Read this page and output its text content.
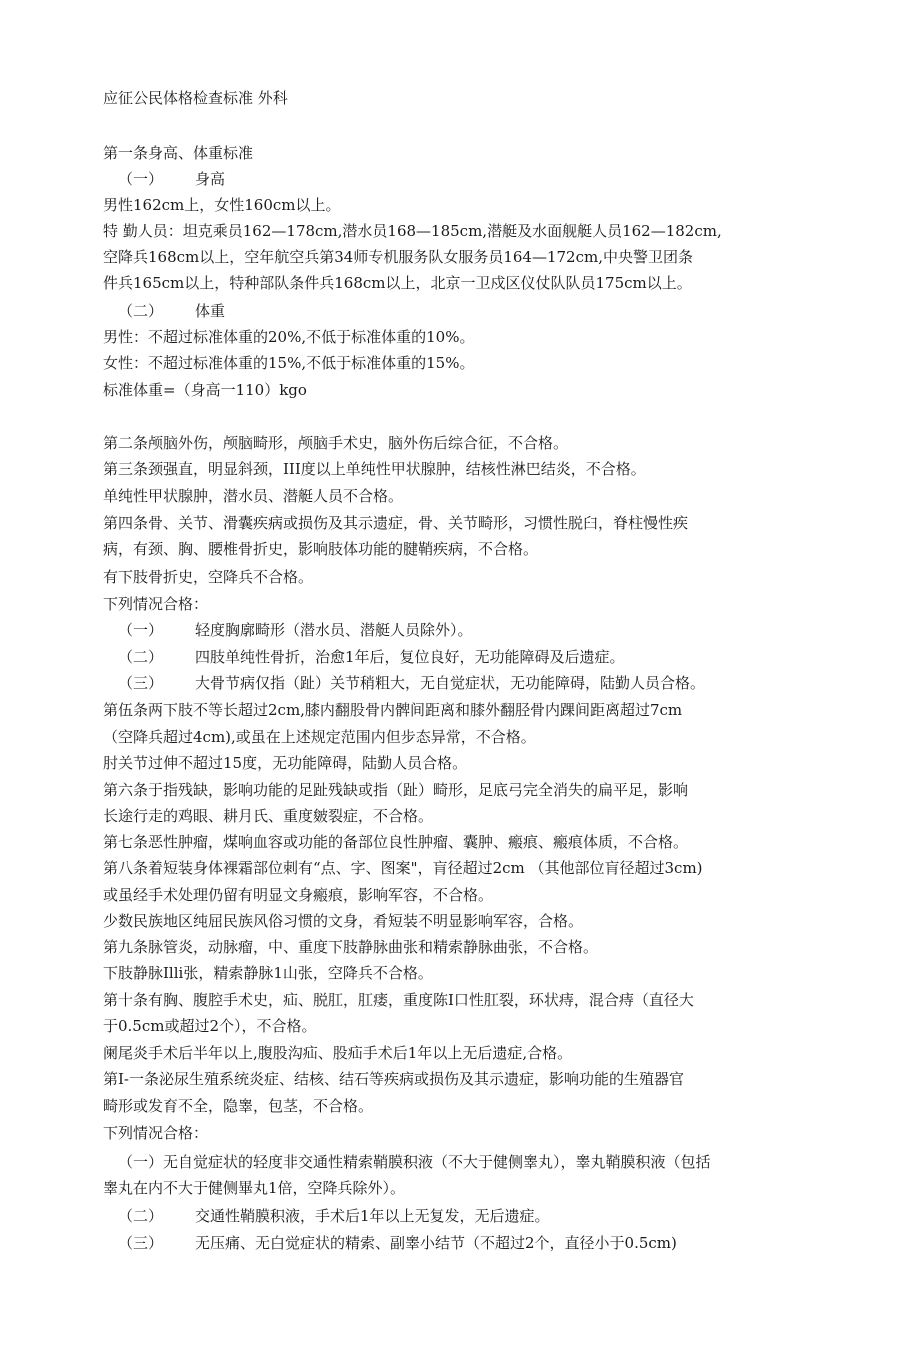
应征公民体格检查标准 外科
第一条身高、体重标准
（一） 身高
男性162cm上，女性160cm以上。
特 勤人员：坦克乘员162—178cm,潜水员168—185cm,潜艇及水面舰艇人员162—182cm,
空降兵168cm以上，空年航空兵第34师专机服务队女服务员164—172cm,中央警卫团条
件兵165cm以上，特种部队条件兵168cm以上，北京一卫戍区仪仗队队员175cm以上。
（二） 体重
男性：不超过标准体重的20%,不低于标准体重的10%。
女性：不超过标准体重的15%,不低于标准体重的15%。
标准体重=（身高一110）kgo
第二条颅脑外伤，颅脑畸形，颅脑手术史，脑外伤后综合征，不合格。
第三条颈强直，明显斜颈，III度以上单纯性甲状腺肿，结核性淋巴结炎，不合格。
单纯性甲状腺肿，潜水员、潜艇人员不合格。
第四条骨、关节、滑囊疾病或损伤及其示遗症，骨、关节畸形，习惯性脱臼，脊柱慢性疾
病，有颈、胸、腰椎骨折史，影响肢体功能的腱鞘疾病，不合格。
有下肢骨折史，空降兵不合格。
下列情况合格：
（一） 轻度胸廓畸形（潜水员、潜艇人员除外）。
（二） 四肢单纯性骨折，治愈1年后，复位良好，无功能障碍及后遗症。
（三） 大骨节病仅指（趾）关节稍粗大，无自觉症状，无功能障碍，陆勤人员合格。
第伍条两下肢不等长超过2cm,膝内翻股骨内髀间距离和膝外翻胫骨内踝间距离超过7cm
（空降兵超过4cm),或虽在上述规定范围内但步态异常，不合格。
肘关节过伸不超过15度，无功能障碍，陆勤人员合格。
第六条于指残缺，影响功能的足趾残缺或指（趾）畸形，足底弓完全消失的扁平足，影响
长途行走的鸡眼、耕月氏、重度皴裂症，不合格。
第七条恶性肿瘤，煤响血容或功能的备部位良性肿瘤、囊肿、瘢痕、瘢痕体质，不合格。
第八条着短装身体裸霜部位刺有“点、字、图案"，肓径超过2cm （其他部位肓径超过3cm)
或虽经手术处理仍留有明显文身瘢痕，影响军容，不合格。
少数民族地区纯屈民族风俗习惯的文身，肴短装不明显影响军容，合格。
第九条脉管炎，动脉瘤，中、重度下肢静脉曲张和精索静脉曲张，不合格。
下肢静脉Illi张，精索静脉1山张，空降兵不合格。
第十条有胸、腹腔手术史，疝、脱肛，肛瘘，重度陈I口性肛裂，环状痔，混合痔（直径大
于0.5cm或超过2个），不合格。
阑尾炎手术后半年以上,腹股沟疝、股疝手术后1年以上无后遗症,合格。
第I-一条泌尿生殖系统炎症、结核、结石等疾病或损伤及其示遗症，影响功能的生殖器官
畸形或发育不全，隐睾，包茎，不合格。
下列情况合格：
（一）无自觉症状的轻度非交通性精索鞘膜积液（不大于健侧睾丸），睾丸鞘膜积液（包括
睾丸在内不大于健侧畢丸1倍，空降兵除外）。
（二） 交通性鞘膜积液，手术后1年以上无复发，无后遗症。
（三） 无压痛、无白觉症状的精索、副睾小结节（不超过2个，直径小于0.5cm)
